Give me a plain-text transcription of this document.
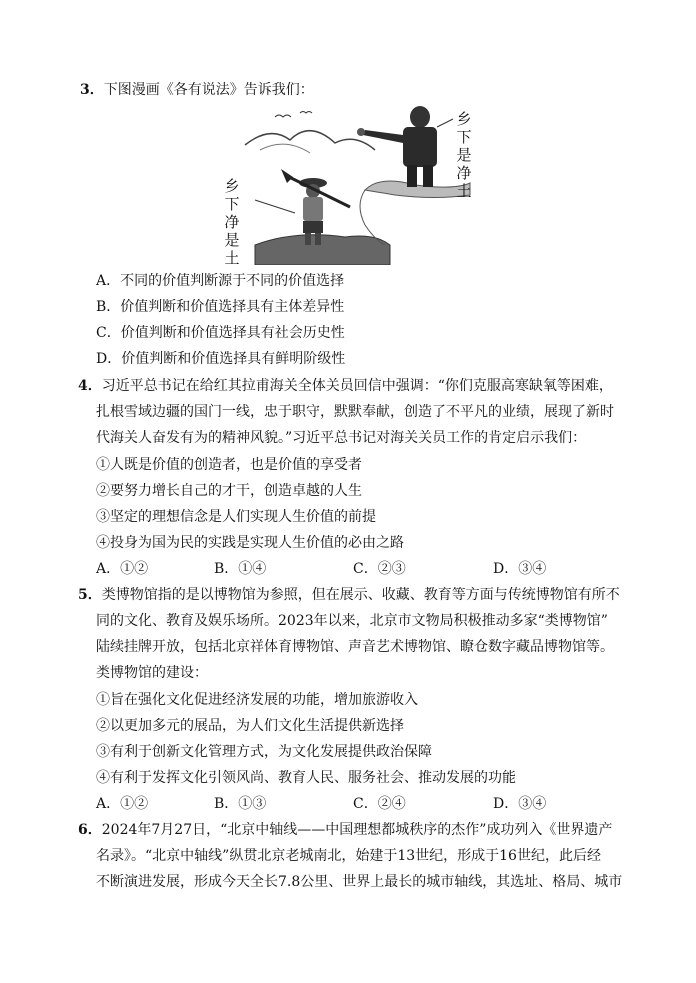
3．下图漫画《各有说法》告诉我们：
乡下是净土
乡下净是土
A．不同的价值判断源于不同的价值选择
B．价值判断和价值选择具有主体差异性
C．价值判断和价值选择具有社会历史性
D．价值判断和价值选择具有鲜明阶级性
4．习近平总书记在给红其拉甫海关全体关员回信中强调：“你们克服高寒缺氧等困难，
扎根雪域边疆的国门一线，忠于职守，默默奉献，创造了不平凡的业绩，展现了新时
代海关人奋发有为的精神风貌。”习近平总书记对海关关员工作的肯定启示我们：
①人既是价值的创造者，也是价值的享受者
②要努力增长自己的才干，创造卓越的人生
③坚定的理想信念是人们实现人生价值的前提
④投身为国为民的实践是实现人生价值的必由之路
A．①②	B．①④	C．②③	D．③④
5．类博物馆指的是以博物馆为参照，但在展示、收藏、教育等方面与传统博物馆有所不
同的文化、教育及娱乐场所。2023年以来，北京市文物局积极推动多家“类博物馆”
陆续挂牌开放，包括北京祥体育博物馆、声音艺术博物馆、瞭仓数字藏品博物馆等。
类博物馆的建设：
①旨在强化文化促进经济发展的功能，增加旅游收入
②以更加多元的展品，为人们文化生活提供新选择
③有利于创新文化管理方式，为文化发展提供政治保障
④有利于发挥文化引领风尚、教育人民、服务社会、推动发展的功能
A．①②	B．①③	C．②④	D．③④
6．2024年7月27日，“北京中轴线——中国理想都城秩序的杰作”成功列入《世界遗产
名录》。“北京中轴线”纵贯北京老城南北，始建于13世纪，形成于16世纪，此后经
不断演进发展，形成今天全长7.8公里、世界上最长的城市轴线，其选址、格局、城市
